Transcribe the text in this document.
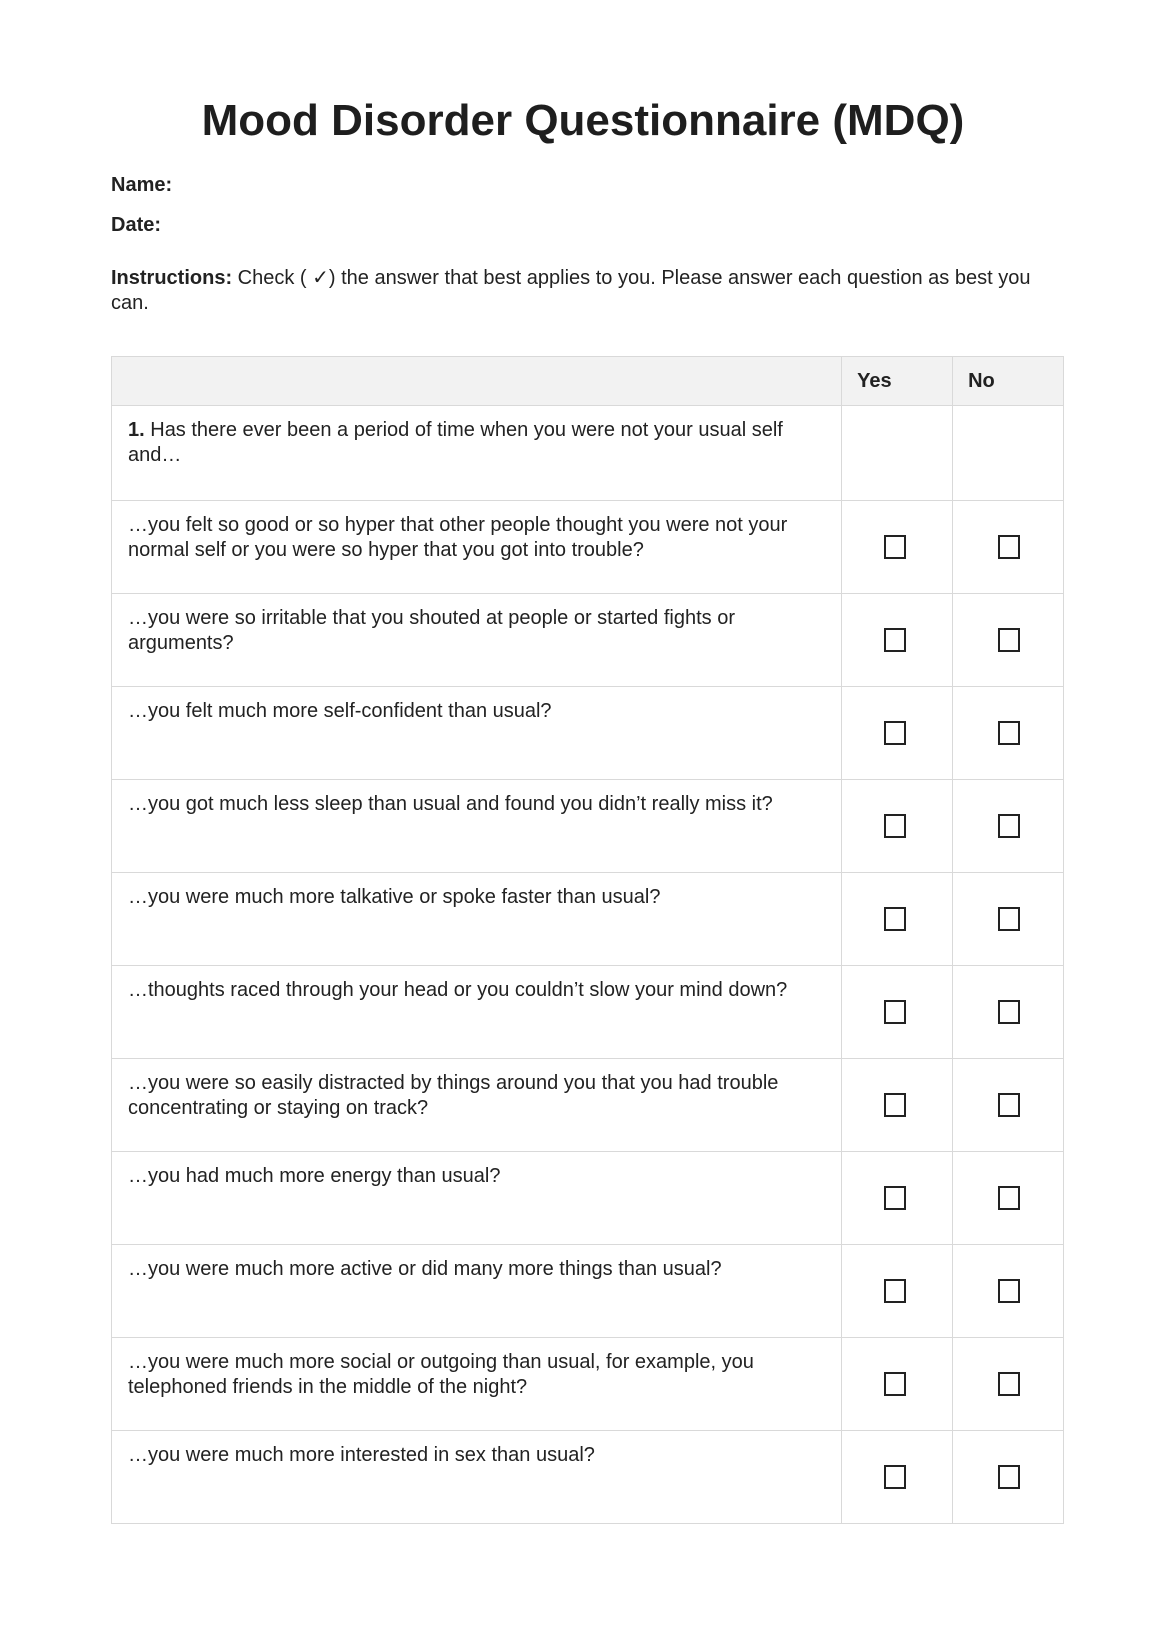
Mood Disorder Questionnaire (MDQ)
Name:
Date:
Instructions: Check ( ✓) the answer that best applies to you. Please answer each question as best you can.
	Yes	No
1. Has there ever been a period of time when you were not your usual self and…		
…you felt so good or so hyper that other people thought you were not your normal self or you were so hyper that you got into trouble?		
…you were so irritable that you shouted at people or started fights or arguments?		
…you felt much more self-confident than usual?		
…you got much less sleep than usual and found you didn’t really miss it?		
…you were much more talkative or spoke faster than usual?		
…thoughts raced through your head or you couldn’t slow your mind down?		
…you were so easily distracted by things around you that you had trouble concentrating or staying on track?		
…you had much more energy than usual?		
…you were much more active or did many more things than usual?		
…you were much more social or outgoing than usual, for example, you telephoned friends in the middle of the night?		
…you were much more interested in sex than usual?		
